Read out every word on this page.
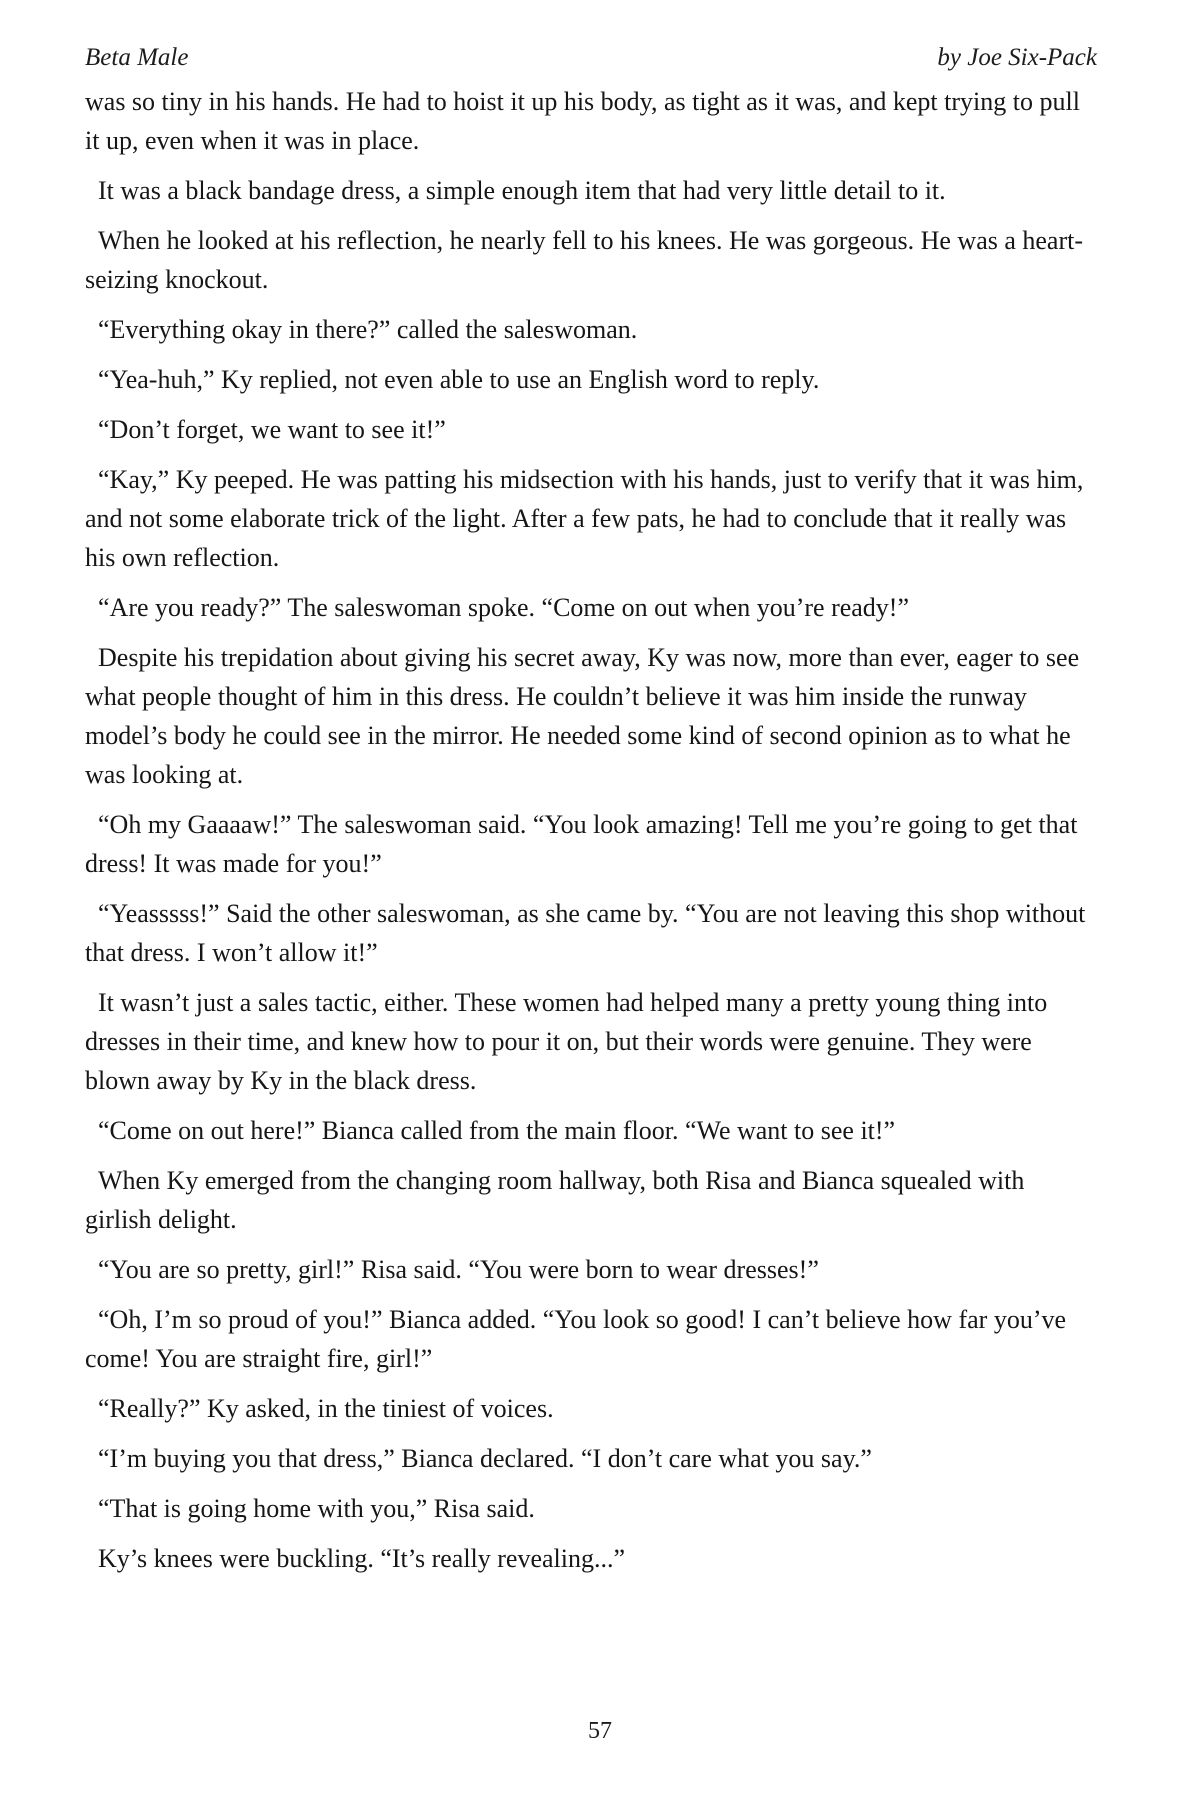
Beta Male	by Joe Six-Pack

was so tiny in his hands. He had to hoist it up his body, as tight as it was, and kept trying to pull it up, even when it was in place.

It was a black bandage dress, a simple enough item that had very little detail to it.

When he looked at his reflection, he nearly fell to his knees. He was gorgeous. He was a heart-seizing knockout.

“Everything okay in there?” called the saleswoman.

“Yea-huh,” Ky replied, not even able to use an English word to reply.

“Don’t forget, we want to see it!”

“Kay,” Ky peeped. He was patting his midsection with his hands, just to verify that it was him, and not some elaborate trick of the light. After a few pats, he had to conclude that it really was his own reflection.

“Are you ready?” The saleswoman spoke. “Come on out when you’re ready!”

Despite his trepidation about giving his secret away, Ky was now, more than ever, eager to see what people thought of him in this dress. He couldn’t believe it was him inside the runway model’s body he could see in the mirror. He needed some kind of second opinion as to what he was looking at.

“Oh my Gaaaaw!” The saleswoman said. “You look amazing! Tell me you’re going to get that dress! It was made for you!”

“Yeasssss!” Said the other saleswoman, as she came by. “You are not leaving this shop without that dress. I won’t allow it!”

It wasn’t just a sales tactic, either. These women had helped many a pretty young thing into dresses in their time, and knew how to pour it on, but their words were genuine. They were blown away by Ky in the black dress.

“Come on out here!” Bianca called from the main floor. “We want to see it!”

When Ky emerged from the changing room hallway, both Risa and Bianca squealed with girlish delight.

“You are so pretty, girl!” Risa said. “You were born to wear dresses!”

“Oh, I’m so proud of you!” Bianca added. “You look so good! I can’t believe how far you’ve come! You are straight fire, girl!”

“Really?” Ky asked, in the tiniest of voices.

“I’m buying you that dress,” Bianca declared. “I don’t care what you say.”

“That is going home with you,” Risa said.

Ky’s knees were buckling. “It’s really revealing...”

57
